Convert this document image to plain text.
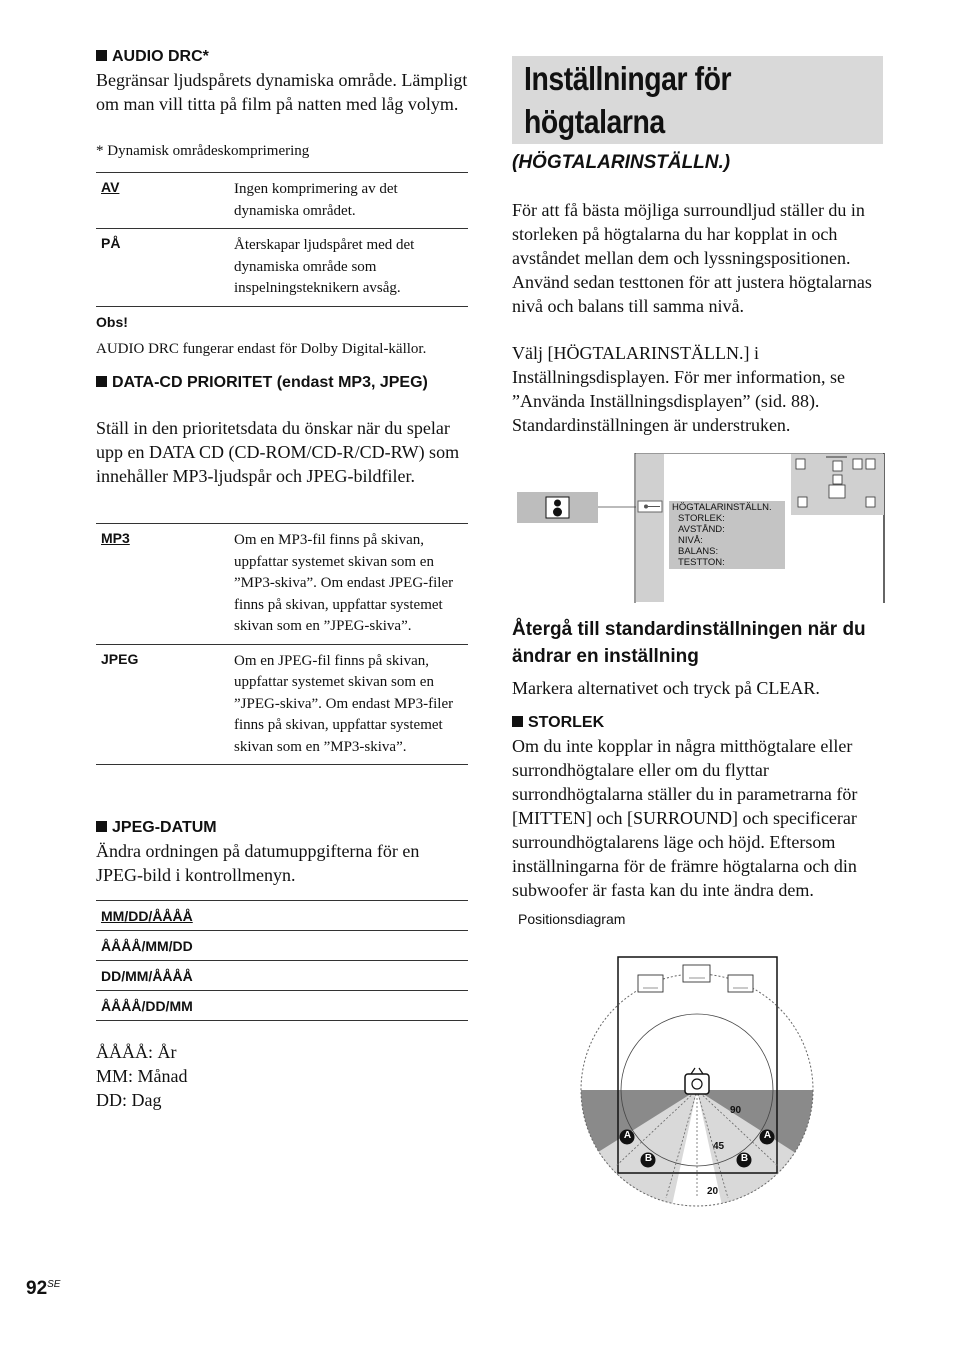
AUDIO DRC*
Begränsar ljudspårets dynamiska område. Lämpligt om man vill titta på film på natten med låg volym.
* Dynamisk områdeskomprimering
AV	Ingen komprimering av det dynamiska området.
PÅ	Återskapar ljudspåret med det dynamiska område som inspelningsteknikern avsåg.
Obs!
AUDIO DRC fungerar endast för Dolby Digital-källor.
DATA-CD PRIORITET (endast MP3, JPEG)
Ställ in den prioritetsdata du önskar när du spelar upp en DATA CD (CD-ROM/CD-R/CD-RW) som innehåller MP3-ljudspår och JPEG-bildfiler.
MP3	Om en MP3-fil finns på skivan, uppfattar systemet skivan som en ”MP3-skiva”. Om endast JPEG-filer finns på skivan, uppfattar systemet skivan som en ”JPEG-skiva”.
JPEG	Om en JPEG-fil finns på skivan, uppfattar systemet skivan som en ”JPEG-skiva”. Om endast MP3-filer finns på skivan, uppfattar systemet skivan som en ”MP3-skiva”.
JPEG-DATUM
Ändra ordningen på datumuppgifterna för en JPEG-bild i kontrollmenyn.
MM/DD/ÅÅÅÅ
ÅÅÅÅ/MM/DD
DD/MM/ÅÅÅÅ
ÅÅÅÅ/DD/MM
ÅÅÅÅ: År
MM: Månad
DD: Dag
$92^{SE}$
Inställningar för
högtalarna
(HÖGTALARINSTÄLLN.)
För att få bästa möjliga surroundljud ställer du in storleken på högtalarna du har kopplat in och avståndet mellan dem och lyssningspositionen. Använd sedan testtonen för att justera högtalarnas nivå och balans till samma nivå.
Välj [HÖGTALARINSTÄLLN.] i Inställningsdisplayen. För mer information, se ”Använda Inställningsdisplayen” (sid. 88). Standardinställningen är understruken.
HÖGTALARINSTÄLLN.
STORLEK:
AVSTÅND:
NIVÅ:
BALANS:
TESTTON:
Återgå till standardinställningen när du ändrar en inställning
Markera alternativet och tryck på CLEAR.
STORLEK
Om du inte kopplar in några mitthögtalare eller surrondhögtalare eller om du flyttar surrondhögtalarna ställer du in parametrarna för [MITTEN] och [SURROUND] och specificerar surroundhögtalarens läge och höjd. Eftersom inställningarna för de främre högtalarna och din subwoofer är fasta kan du inte ändra dem.
Positionsdiagram
A	A
B	B
90
45
20
